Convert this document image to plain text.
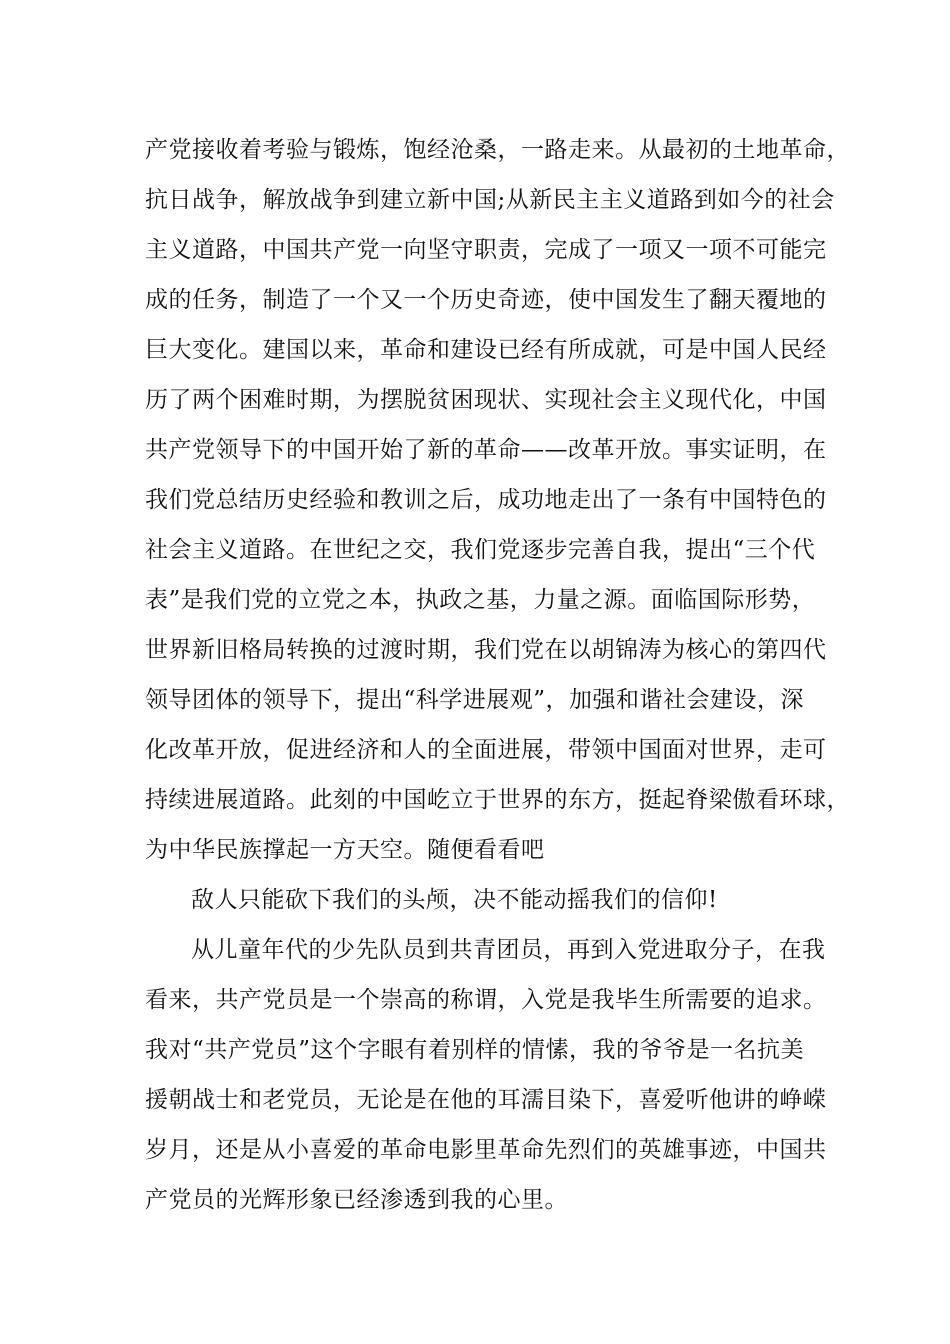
产党接收着考验与锻炼，饱经沧桑，一路走来。从最初的土地革命，
抗日战争，解放战争到建立新中国;从新民主主义道路到如今的社会
主义道路，中国共产党一向坚守职责，完成了一项又一项不可能完
成的任务，制造了一个又一个历史奇迹，使中国发生了翻天覆地的
巨大变化。建国以来，革命和建设已经有所成就，可是中国人民经
历了两个困难时期，为摆脱贫困现状、实现社会主义现代化，中国
共产党领导下的中国开始了新的革命——改革开放。事实证明，在
我们党总结历史经验和教训之后，成功地走出了一条有中国特色的
社会主义道路。在世纪之交，我们党逐步完善自我，提出“三个代
表”是我们党的立党之本，执政之基，力量之源。面临国际形势，
世界新旧格局转换的过渡时期，我们党在以胡锦涛为核心的第四代
领导团体的领导下，提出“科学进展观”，加强和谐社会建设，深
化改革开放，促进经济和人的全面进展，带领中国面对世界，走可
持续进展道路。此刻的中国屹立于世界的东方，挺起脊梁傲看环球，
为中华民族撑起一方天空。随便看看吧
敌人只能砍下我们的头颅，决不能动摇我们的信仰!
从儿童年代的少先队员到共青团员，再到入党进取分子，在我
看来，共产党员是一个崇高的称谓，入党是我毕生所需要的追求。
我对“共产党员”这个字眼有着别样的情愫，我的爷爷是一名抗美
援朝战士和老党员，无论是在他的耳濡目染下，喜爱听他讲的峥嵘
岁月，还是从小喜爱的革命电影里革命先烈们的英雄事迹，中国共
产党员的光辉形象已经渗透到我的心里。
